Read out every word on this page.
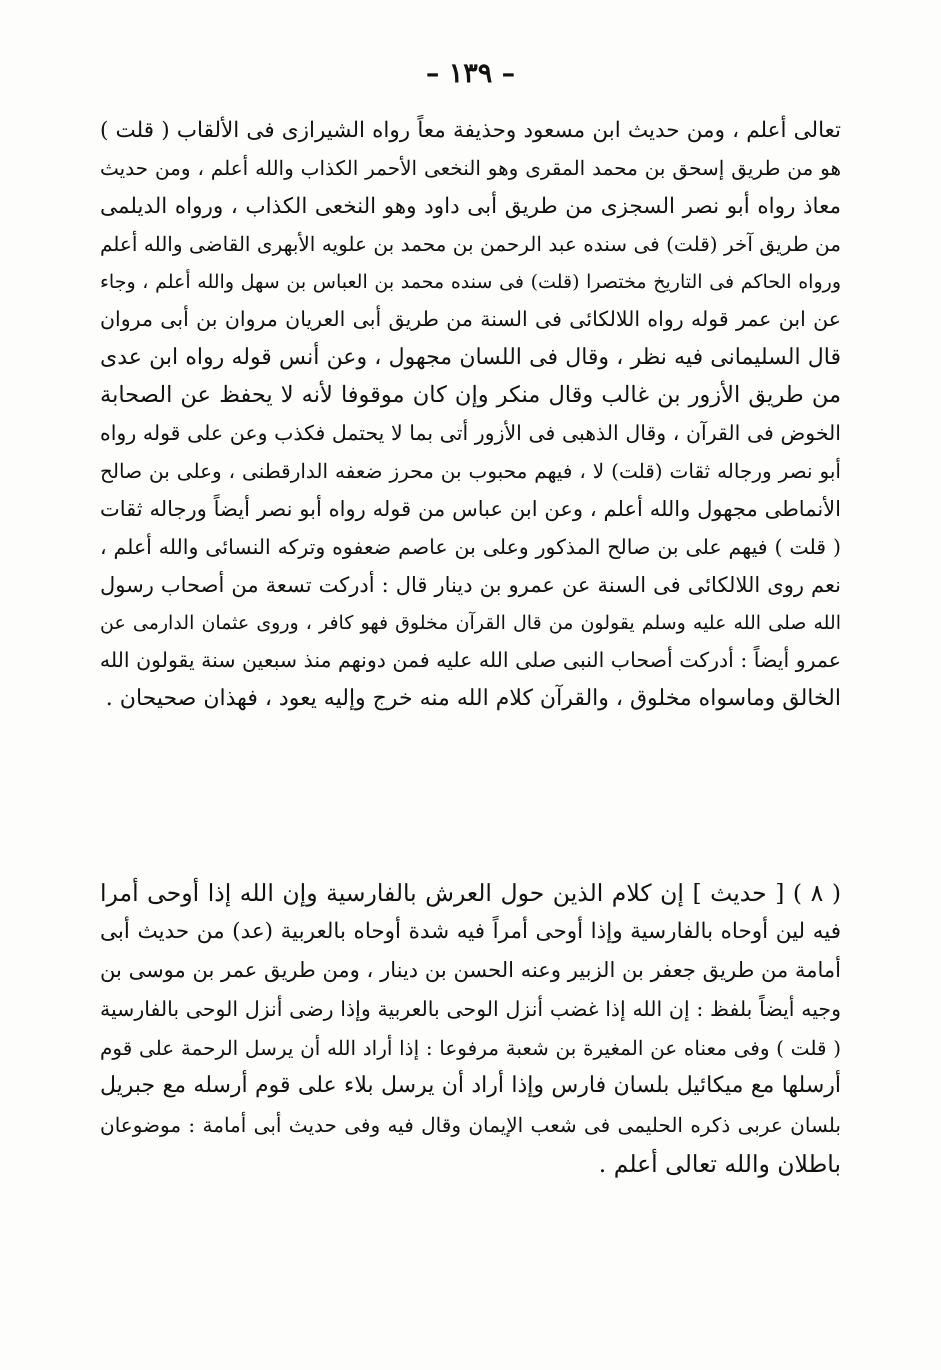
– ١٣٩ –
تعالى أعلم ، ومن حديث ابن مسعود وحذيفة معاً رواه الشيرازى فى الألقاب ( قلت )
هو من طريق إسحق بن محمد المقرى وهو النخعى الأحمر الكذاب والله أعلم ، ومن حديث
معاذ رواه أبو نصر السجزى من طريق أبى داود وهو النخعى الكذاب ، ورواه الديلمى
من طريق آخر (قلت) فى سنده عبد الرحمن بن محمد بن علويه الأبهرى القاضى والله أعلم
ورواه الحاكم فى التاريخ مختصرا (قلت) فى سنده محمد بن العباس بن سهل والله أعلم ، وجاء
عن ابن عمر قوله رواه اللالكائى فى السنة من طريق أبى العريان مروان بن أبى مروان
قال السليمانى فيه نظر ، وقال فى اللسان مجهول ، وعن أنس قوله رواه ابن عدى
من طريق الأزور بن غالب وقال منكر وإن كان موقوفا لأنه لا يحفظ عن الصحابة
الخوض فى القرآن ، وقال الذهبى فى الأزور أتى بما لا يحتمل فكذب وعن على قوله رواه
أبو نصر ورجاله ثقات (قلت) لا ، فيهم محبوب بن محرز ضعفه الدارقطنى ، وعلى بن صالح
الأنماطى مجهول والله أعلم ، وعن ابن عباس من قوله رواه أبو نصر أيضاً ورجاله ثقات
( قلت ) فيهم على بن صالح المذكور وعلى بن عاصم ضعفوه وتركه النسائى والله أعلم ،
نعم روى اللالكائى فى السنة عن عمرو بن دينار قال : أدركت تسعة من أصحاب رسول
الله صلى الله عليه وسلم يقولون من قال القرآن مخلوق فهو كافر ، وروى عثمان الدارمى عن
عمرو أيضاً : أدركت أصحاب النبى صلى الله عليه فمن دونهم منذ سبعين سنة يقولون الله
الخالق وماسواه مخلوق ، والقرآن كلام الله منه خرج وإليه يعود ، فهذان صحيحان .
( ٨ ) [ حديث ] إن كلام الذين حول العرش بالفارسية وإن الله إذا أوحى أمرا
فيه لين أوحاه بالفارسية وإذا أوحى أمراً فيه شدة أوحاه بالعربية (عد) من حديث أبى
أمامة من طريق جعفر بن الزبير وعنه الحسن بن دينار ، ومن طريق عمر بن موسى بن
وجيه أيضاً بلفظ : إن الله إذا غضب أنزل الوحى بالعربية وإذا رضى أنزل الوحى بالفارسية
( قلت ) وفى معناه عن المغيرة بن شعبة مرفوعا : إذا أراد الله أن يرسل الرحمة على قوم
أرسلها مع ميكائيل بلسان فارس وإذا أراد أن يرسل بلاء على قوم أرسله مع جبريل
بلسان عربى ذكره الحليمى فى شعب الإيمان وقال فيه وفى حديث أبى أمامة : موضوعان
باطلان والله تعالى أعلم .
